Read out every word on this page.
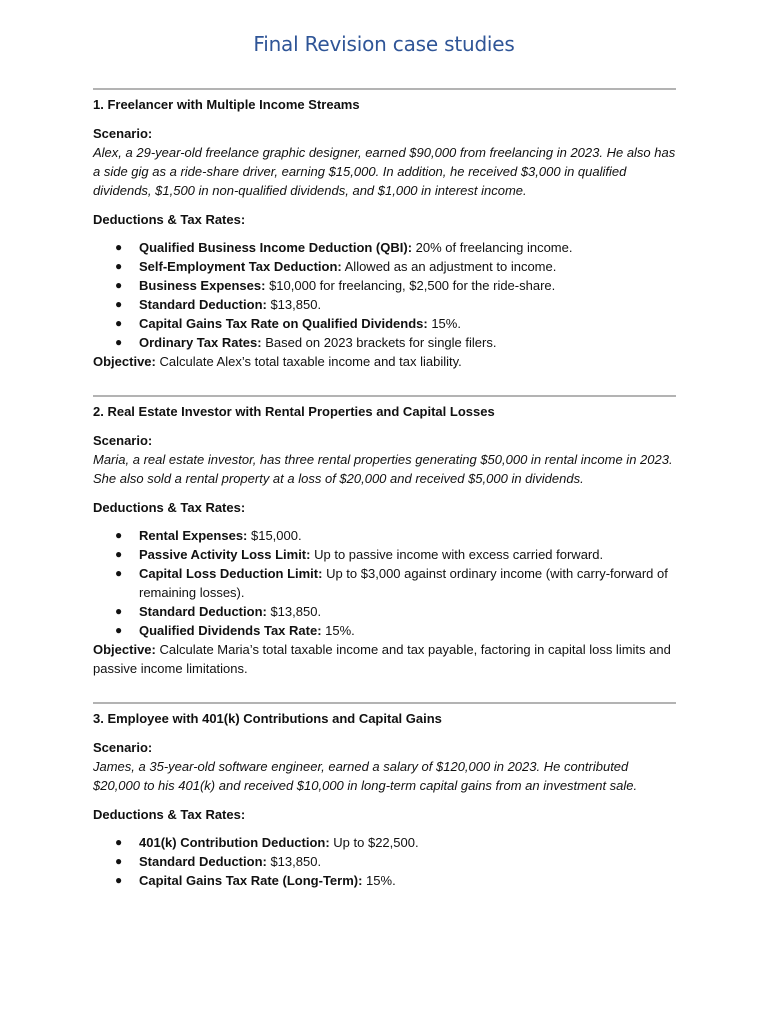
Final Revision case studies
1. Freelancer with Multiple Income Streams
Scenario:
Alex, a 29-year-old freelance graphic designer, earned $90,000 from freelancing in 2023. He also has a side gig as a ride-share driver, earning $15,000. In addition, he received $3,000 in qualified dividends, $1,500 in non-qualified dividends, and $1,000 in interest income.
Deductions & Tax Rates:
● Qualified Business Income Deduction (QBI): 20% of freelancing income.
● Self-Employment Tax Deduction: Allowed as an adjustment to income.
● Business Expenses: $10,000 for freelancing, $2,500 for the ride-share.
● Standard Deduction: $13,850.
● Capital Gains Tax Rate on Qualified Dividends: 15%.
● Ordinary Tax Rates: Based on 2023 brackets for single filers.
Objective: Calculate Alex’s total taxable income and tax liability.
2. Real Estate Investor with Rental Properties and Capital Losses
Scenario:
Maria, a real estate investor, has three rental properties generating $50,000 in rental income in 2023. She also sold a rental property at a loss of $20,000 and received $5,000 in dividends.
Deductions & Tax Rates:
● Rental Expenses: $15,000.
● Passive Activity Loss Limit: Up to passive income with excess carried forward.
● Capital Loss Deduction Limit: Up to $3,000 against ordinary income (with carry-forward of remaining losses).
● Standard Deduction: $13,850.
● Qualified Dividends Tax Rate: 15%.
Objective: Calculate Maria’s total taxable income and tax payable, factoring in capital loss limits and passive income limitations.
3. Employee with 401(k) Contributions and Capital Gains
Scenario:
James, a 35-year-old software engineer, earned a salary of $120,000 in 2023. He contributed $20,000 to his 401(k) and received $10,000 in long-term capital gains from an investment sale.
Deductions & Tax Rates:
● 401(k) Contribution Deduction: Up to $22,500.
● Standard Deduction: $13,850.
● Capital Gains Tax Rate (Long-Term): 15%.
